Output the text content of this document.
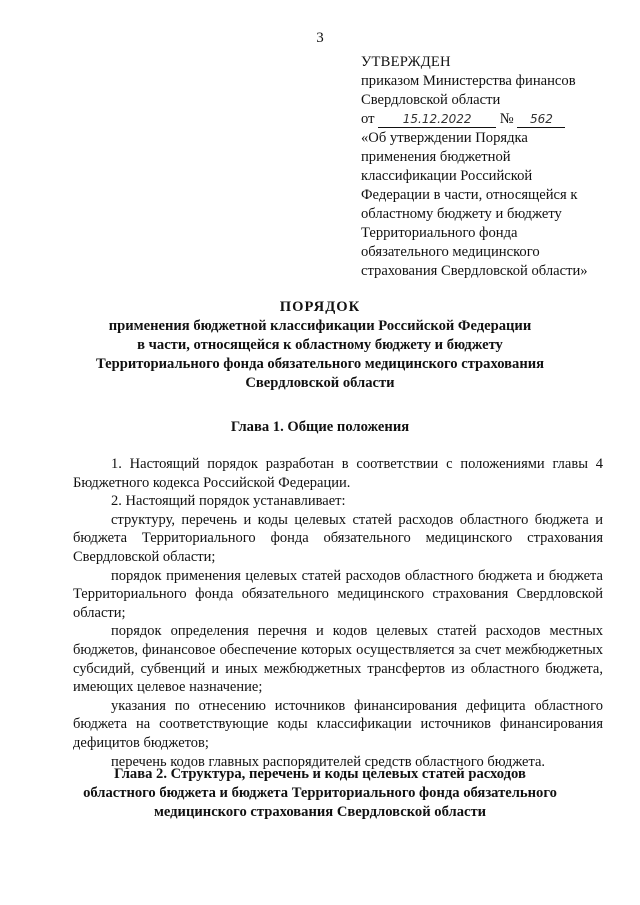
3
УТВЕРЖДЕН
приказом Министерства финансов
Свердловской области
от 15.12.2022 № 562
«Об утверждении Порядка
применения бюджетной
классификации Российской
Федерации в части, относящейся к
областному бюджету и бюджету
Территориального фонда
обязательного медицинского
страхования Свердловской области»
ПОРЯДОК
применения бюджетной классификации Российской Федерации
в части, относящейся к областному бюджету и бюджету
Территориального фонда обязательного медицинского страхования
Свердловской области
Глава 1. Общие положения

1. Настоящий порядок разработан в соответствии с положениями главы 4 Бюджетного кодекса Российской Федерации.

2. Настоящий порядок устанавливает:

структуру, перечень и коды целевых статей расходов областного бюджета и бюджета Территориального фонда обязательного медицинского страхования Свердловской области;

порядок применения целевых статей расходов областного бюджета и бюджета Территориального фонда обязательного медицинского страхования Свердловской области;

порядок определения перечня и кодов целевых статей расходов местных бюджетов, финансовое обеспечение которых осуществляется за счет межбюджетных субсидий, субвенций и иных межбюджетных трансфертов из областного бюджета, имеющих целевое назначение;

указания по отнесению источников финансирования дефицита областного бюджета на соответствующие коды классификации источников финансирования дефицитов бюджетов;

перечень кодов главных распорядителей средств областного бюджета.

Глава 2. Структура, перечень и коды целевых статей расходов
областного бюджета и бюджета Территориального фонда обязательного
медицинского страхования Свердловской области
